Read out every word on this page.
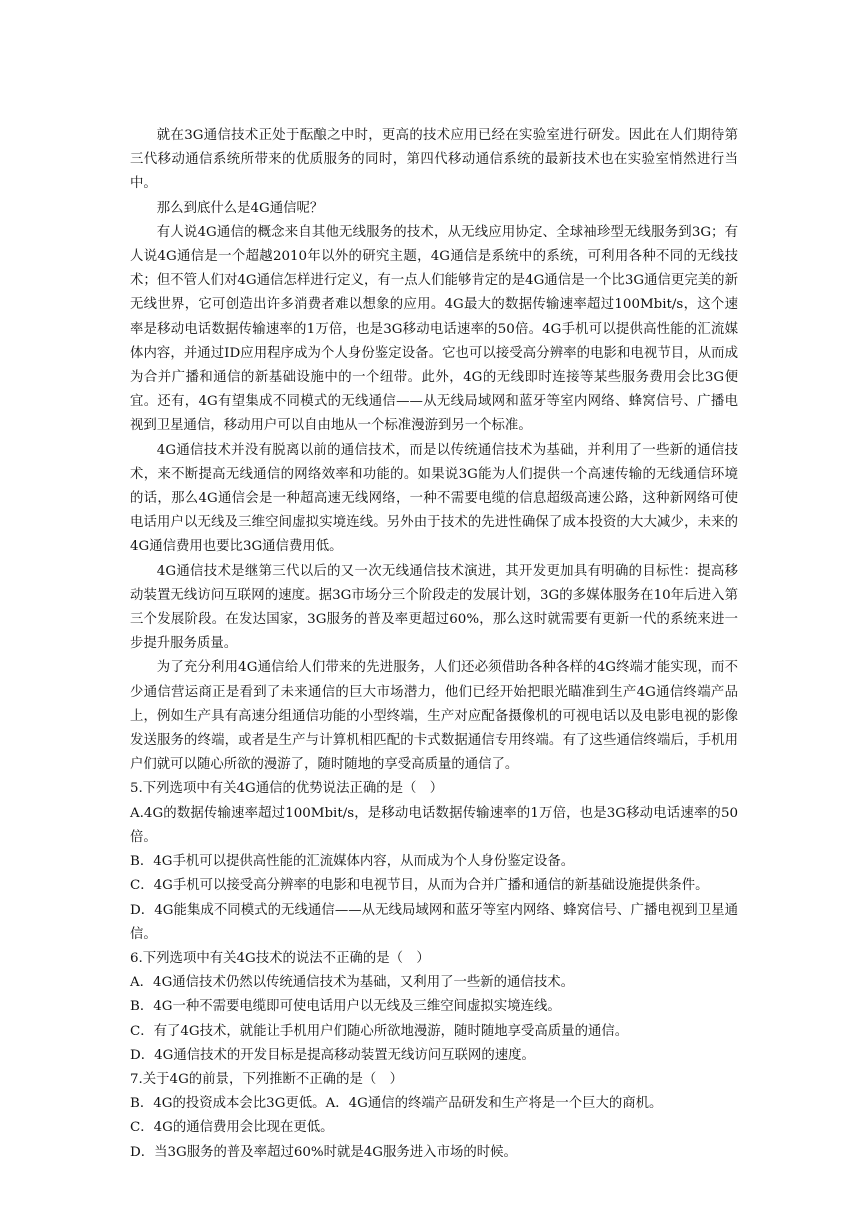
就在3G通信技术正处于酝酿之中时，更高的技术应用已经在实验室进行研发。因此在人们期待第三代移动通信系统所带来的优质服务的同时，第四代移动通信系统的最新技术也在实验室悄然进行当中。

那么到底什么是4G通信呢？

有人说4G通信的概念来自其他无线服务的技术，从无线应用协定、全球袖珍型无线服务到3G；有人说4G通信是一个超越2010年以外的研究主题，4G通信是系统中的系统，可利用各种不同的无线技术；但不管人们对4G通信怎样进行定义，有一点人们能够肯定的是4G通信是一个比3G通信更完美的新无线世界，它可创造出许多消费者难以想象的应用。4G最大的数据传输速率超过100Mbit/s，这个速率是移动电话数据传输速率的1万倍，也是3G移动电话速率的50倍。4G手机可以提供高性能的汇流媒体内容，并通过ID应用程序成为个人身份鉴定设备。它也可以接受高分辨率的电影和电视节目，从而成为合并广播和通信的新基础设施中的一个纽带。此外，4G的无线即时连接等某些服务费用会比3G便宜。还有，4G有望集成不同模式的无线通信——从无线局域网和蓝牙等室内网络、蜂窝信号、广播电视到卫星通信，移动用户可以自由地从一个标准漫游到另一个标准。

4G通信技术并没有脱离以前的通信技术，而是以传统通信技术为基础，并利用了一些新的通信技术，来不断提高无线通信的网络效率和功能的。如果说3G能为人们提供一个高速传输的无线通信环境的话，那么4G通信会是一种超高速无线网络，一种不需要电缆的信息超级高速公路，这种新网络可使电话用户以无线及三维空间虚拟实境连线。另外由于技术的先进性确保了成本投资的大大减少，未来的4G通信费用也要比3G通信费用低。

4G通信技术是继第三代以后的又一次无线通信技术演进，其开发更加具有明确的目标性：提高移动装置无线访问互联网的速度。据3G市场分三个阶段走的发展计划，3G的多媒体服务在10年后进入第三个发展阶段。在发达国家，3G服务的普及率更超过60%，那么这时就需要有更新一代的系统来进一步提升服务质量。

为了充分利用4G通信给人们带来的先进服务，人们还必须借助各种各样的4G终端才能实现，而不少通信营运商正是看到了未来通信的巨大市场潜力，他们已经开始把眼光瞄准到生产4G通信终端产品上，例如生产具有高速分组通信功能的小型终端，生产对应配备摄像机的可视电话以及电影电视的影像发送服务的终端，或者是生产与计算机相匹配的卡式数据通信专用终端。有了这些通信终端后，手机用户们就可以随心所欲的漫游了，随时随地的享受高质量的通信了。

5.下列选项中有关4G通信的优势说法正确的是（　）

A.4G的数据传输速率超过100Mbit/s，是移动电话数据传输速率的1万倍，也是3G移动电话速率的50倍。

B．4G手机可以提供高性能的汇流媒体内容，从而成为个人身份鉴定设备。

C．4G手机可以接受高分辨率的电影和电视节目，从而为合并广播和通信的新基础设施提供条件。

D．4G能集成不同模式的无线通信——从无线局域网和蓝牙等室内网络、蜂窝信号、广播电视到卫星通信。

6.下列选项中有关4G技术的说法不正确的是（　）

A．4G通信技术仍然以传统通信技术为基础，又利用了一些新的通信技术。

B．4G一种不需要电缆即可使电话用户以无线及三维空间虚拟实境连线。

C．有了4G技术，就能让手机用户们随心所欲地漫游，随时随地享受高质量的通信。

D．4G通信技术的开发目标是提高移动装置无线访问互联网的速度。

7.关于4G的前景，下列推断不正确的是（　）

B．4G的投资成本会比3G更低。A．4G通信的终端产品研发和生产将是一个巨大的商机。

C．4G的通信费用会比现在更低。

D．当3G服务的普及率超过60%时就是4G服务进入市场的时候。
